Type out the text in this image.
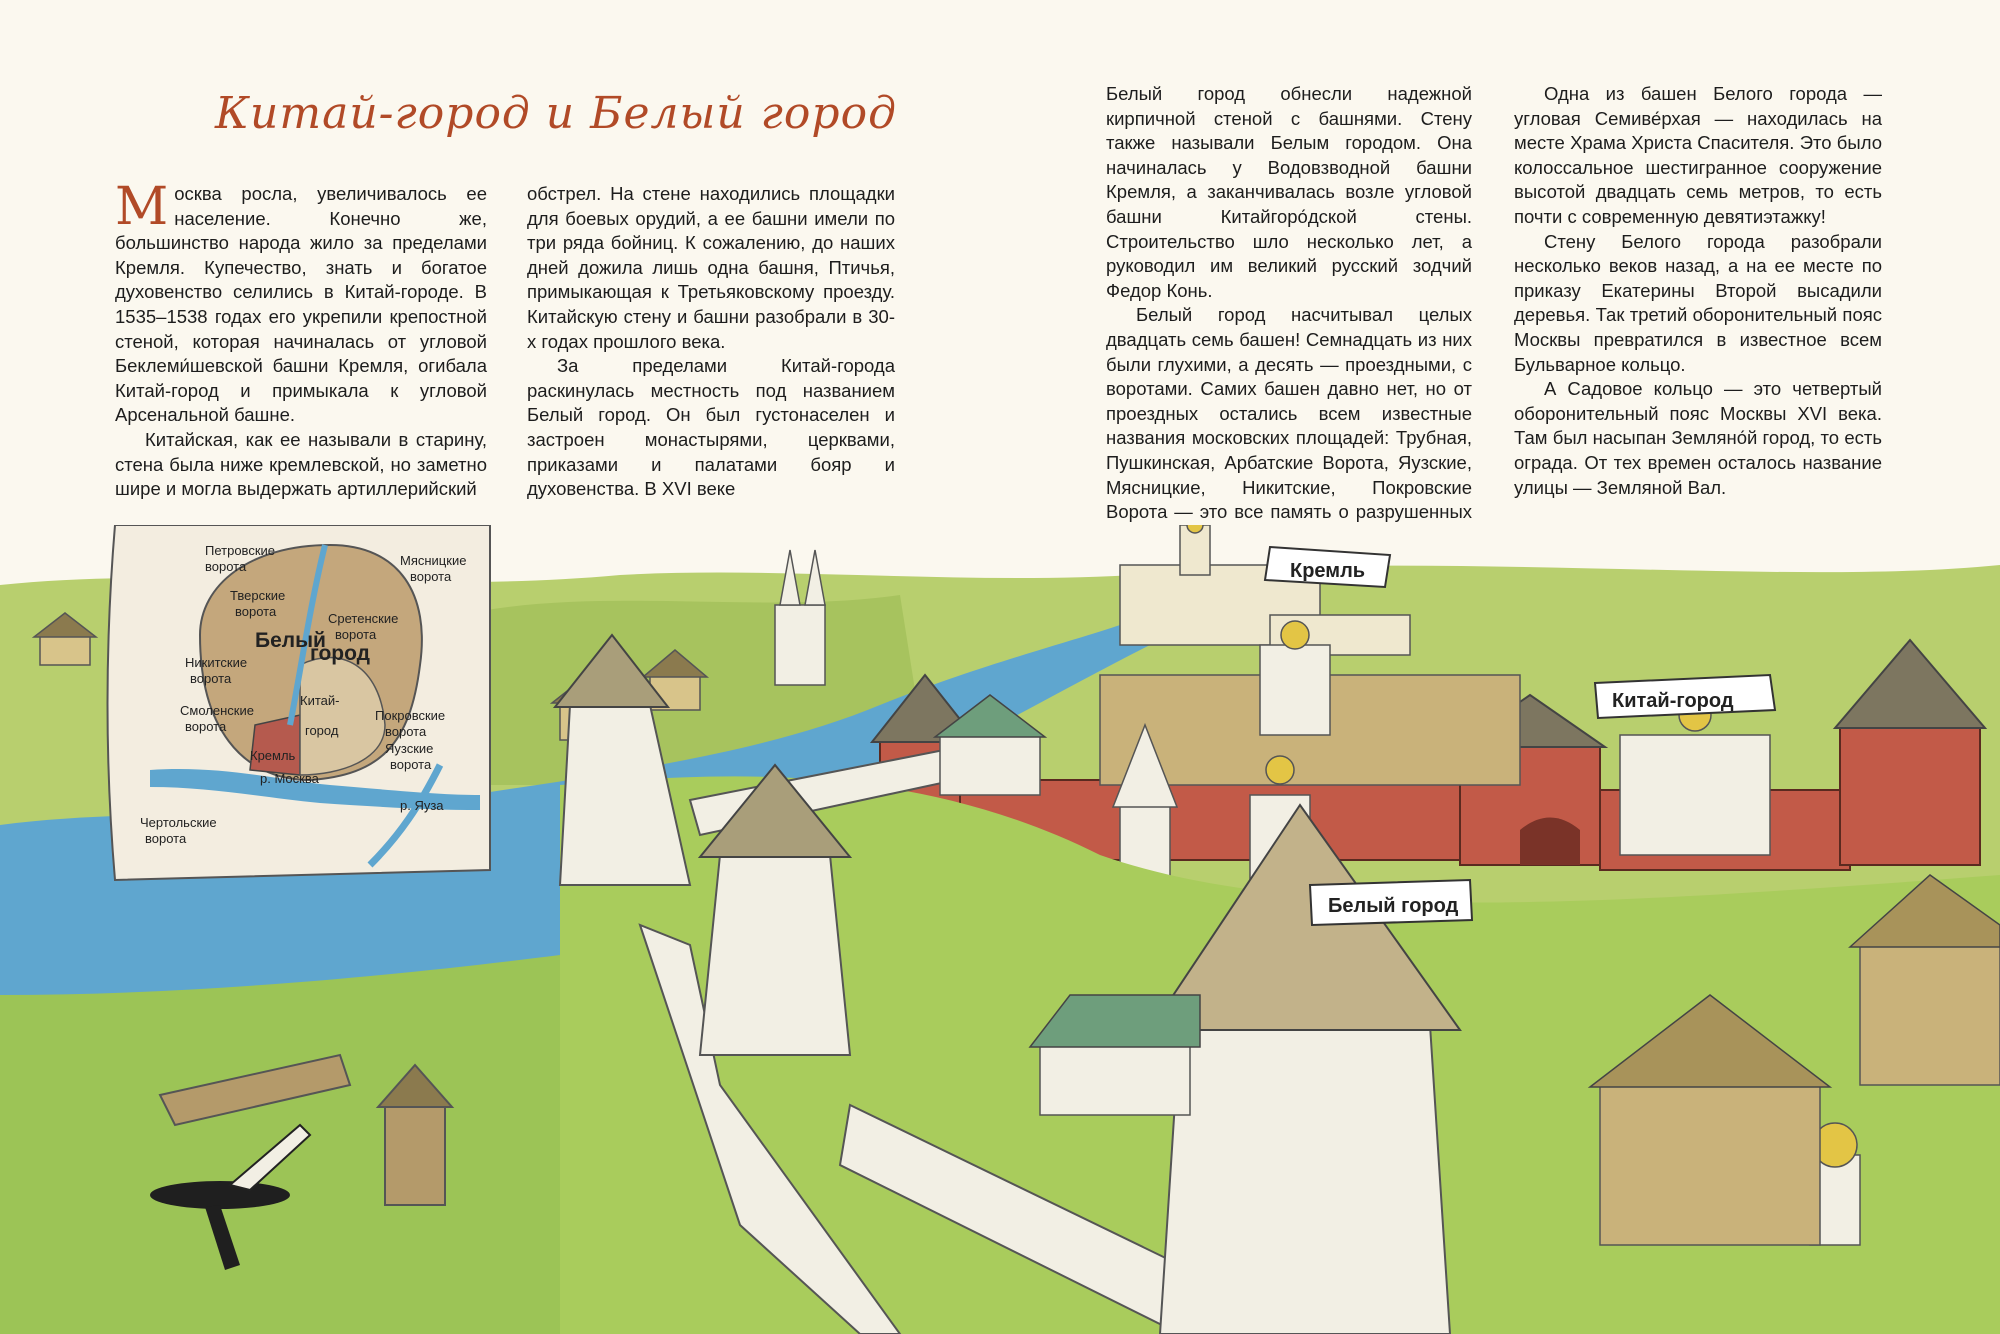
Китай-город и Белый город

Москва росла, увеличивалось ее население. Конечно же, большинство народа жило за пределами Кремля. Купечество, знать и богатое духовенство селились в Китай-городе. В 1535–1538 годах его укрепили крепостной стеной, которая начиналась от угловой Беклеми́шевской башни Кремля, огибала Китай-город и примыкала к угловой Арсенальной башне.

Китайская, как ее называли в старину, стена была ниже кремлевской, но заметно шире и могла выдержать артиллерийский

обстрел. На стене находились площадки для боевых орудий, а ее башни имели по три ряда бойниц. К сожалению, до наших дней дожила лишь одна башня, Птичья, примыкающая к Третьяковскому проезду. Китайскую стену и башни разобрали в 30-х годах прошлого века.

За пределами Китай-города раскинулась местность под названием Белый город. Он был густонаселен и застроен монастырями, церквами, приказами и палатами бояр и духовенства. В XVI веке

Белый город обнесли надежной кирпичной стеной с башнями. Стену также называли Белым городом. Она начиналась у Водовзводной башни Кремля, а заканчивалась возле угловой башни Китайгоро́дской стены. Строительство шло несколько лет, а руководил им великий русский зодчий Федор Конь.

Белый город насчитывал целых двадцать семь башен! Семнадцать из них были глухими, а десять — проездными, с воротами. Самих башен давно нет, но от проездных остались всем известные названия московских площадей: Трубная, Пушкинская, Арбатские Ворота, Яузские, Мясницкие, Никитские, Покровские Ворота — это все память о разрушенных

Одна из башен Белого города — угловая Семиве́рхая — находилась на месте Храма Христа Спасителя. Это было колоссальное шестигранное сооружение высотой двадцать семь метров, то есть почти с современную девятиэтажку!

Стену Белого города разобрали несколько веков назад, а на ее месте по приказу Екатерины Второй высадили деревья. Так третий оборонительный пояс Москвы превратился в известное всем Бульварное кольцо.

А Садовое кольцо — это четвертый оборонительный пояс Москвы XVI века. Там был насыпан Земляно́й город, то есть ограда. От тех времен осталось название улицы — Земляной Вал.

Кремль
Китай-город
Белый город
Петровские
ворота	Мясницкие
ворота
Тверские
ворота	Сретенские
ворота
Белый
город
Никитские
ворота
Китай-
город
Смоленские
ворота
Покровские
ворота
Яузские
ворота
Кремль
р. Москва
р. Яуза
Чертольские
ворота
